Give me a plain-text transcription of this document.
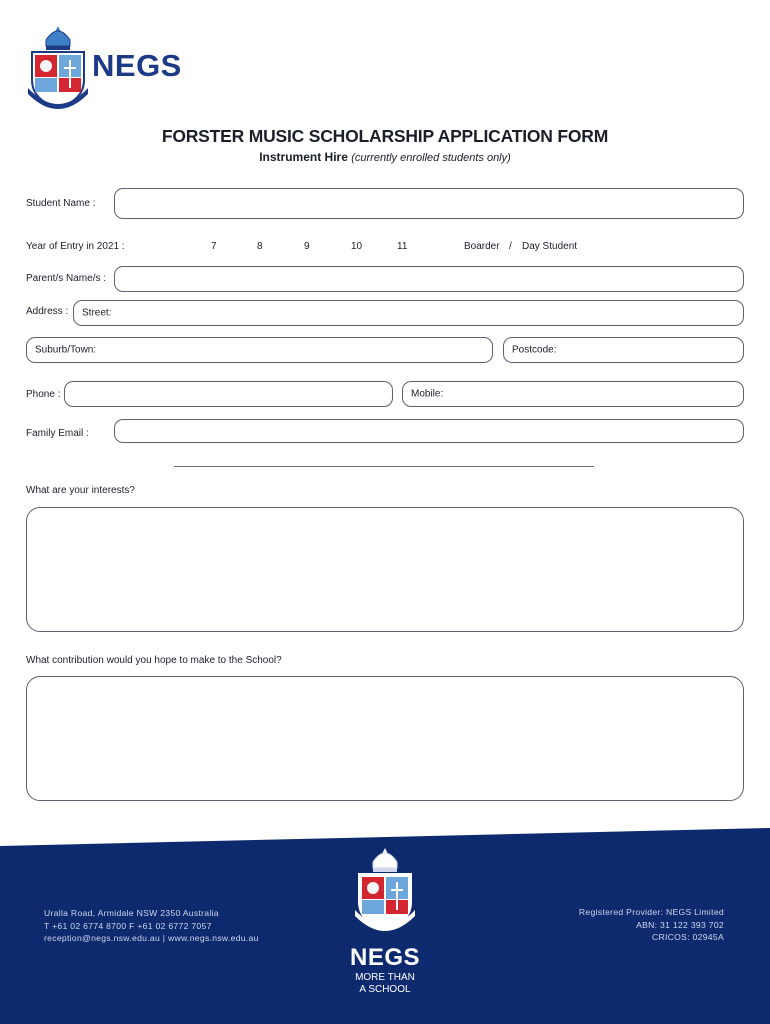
NEGS
FORSTER MUSIC SCHOLARSHIP APPLICATION FORM
Instrument Hire (currently enrolled students only)
Student Name :
Year of Entry in 2021 :	7	8	9	10	11	Boarder / Day Student
Parent/s Name/s :
Address : Street:
Suburb/Town:	Postcode:
Phone :	Mobile:
Family Email :
What are your interests?
What contribution would you hope to make to the School?
NEGS
MORE THAN
A SCHOOL
Uralla Road, Armidale NSW 2350 Australia
T +61 02 6774 8700 F +61 02 6772 7057
reception@negs.nsw.edu.au | www.negs.nsw.edu.au
Registered Provider: NEGS Limited
ABN: 31 122 393 702
CRICOS: 02945A
